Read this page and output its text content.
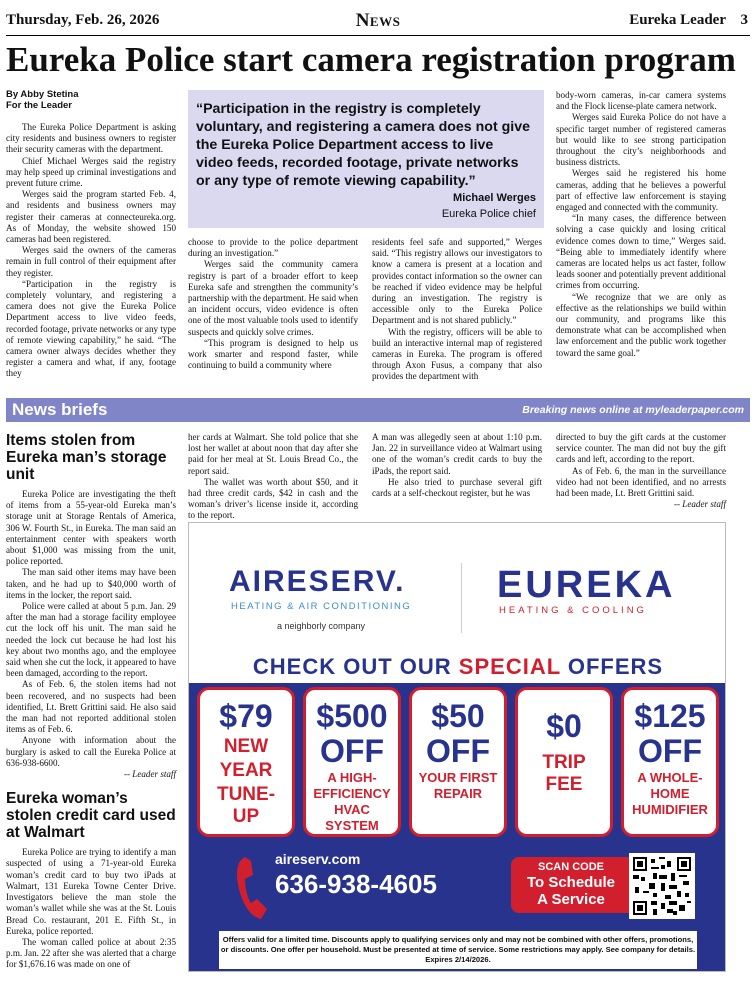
Thursday, Feb. 26, 2026	News	Eureka Leader 3
Eureka Police start camera registration program
By Abby Stetina
For the Leader

The Eureka Police Department is asking city residents and business owners to register their security cameras with the department.

Chief Michael Werges said the registry may help speed up criminal investigations and prevent future crime.

Werges said the program started Feb. 4, and residents and business owners may register their cameras at connecteureka.org. As of Monday, the website showed 150 cameras had been registered.

Werges said the owners of the cameras remain in full control of their equipment after they register.

“Participation in the registry is completely voluntary, and registering a camera does not give the Eureka Police Department access to live video feeds, recorded footage, private networks or any type of remote viewing capability,” he said. “The camera owner always decides whether they register a camera and what, if any, footage they

“Participation in the registry is completely voluntary, and registering a camera does not give the Eureka Police Department access to live video feeds, recorded footage, private networks or any type of remote viewing capability.”
Michael Werges
Eureka Police chief

choose to provide to the police department during an investigation.”

Werges said the community camera registry is part of a broader effort to keep Eureka safe and strengthen the community’s partnership with the department. He said when an incident occurs, video evidence is often one of the most valuable tools used to identify suspects and quickly solve crimes.

“This program is designed to help us work smarter and respond faster, while continuing to build a community where

residents feel safe and supported,” Werges said. “This registry allows our investigators to know a camera is present at a location and provides contact information so the owner can be reached if video evidence may be helpful during an investigation. The registry is accessible only to the Eureka Police Department and is not shared publicly.”

With the registry, officers will be able to build an interactive internal map of registered cameras in Eureka. The program is offered through Axon Fusus, a company that also provides the department with

body-worn cameras, in-car camera systems and the Flock license-plate camera network.

Werges said Eureka Police do not have a specific target number of registered cameras but would like to see strong participation throughout the city’s neighborhoods and business districts.

Werges said he registered his home cameras, adding that he believes a powerful part of effective law enforcement is staying engaged and connected with the community.

“In many cases, the difference between solving a case quickly and losing critical evidence comes down to time,” Werges said. “Being able to immediately identify where cameras are located helps us act faster, follow leads sooner and potentially prevent additional crimes from occurring.

“We recognize that we are only as effective as the relationships we build within our community, and programs like this demonstrate what can be accomplished when law enforcement and the public work together toward the same goal.”

News briefs	Breaking news online at myleaderpaper.com
Items stolen from Eureka man’s storage unit

Eureka Police are investigating the theft of items from a 55-year-old Eureka man’s storage unit at Storage Rentals of America, 306 W. Fourth St., in Eureka. The man said an entertainment center with speakers worth about $1,000 was missing from the unit, police reported.

The man said other items may have been taken, and he had up to $40,000 worth of items in the locker, the report said.

Police were called at about 5 p.m. Jan. 29 after the man had a storage facility employee cut the lock off his unit. The man said he needed the lock cut because he had lost his key about two months ago, and the employee said when she cut the lock, it appeared to have been damaged, according to the report.

As of Feb. 6, the stolen items had not been recovered, and no suspects had been identified, Lt. Brett Grittini said. He also said the man had not reported additional stolen items as of Feb. 6.

Anyone with information about the burglary is asked to call the Eureka Police at 636-938-6600.

-- Leader staff
Eureka woman’s stolen credit card used at Walmart

Eureka Police are trying to identify a man suspected of using a 71-year-old Eureka woman’s credit card to buy two iPads at Walmart, 131 Eureka Towne Center Drive. Investigators believe the man stole the woman’s wallet while she was at the St. Louis Bread Co. restaurant, 201 E. Fifth St., in Eureka, police reported.

The woman called police at about 2:35 p.m. Jan. 22 after she was alerted that a charge for $1,676.16 was made on one of

her cards at Walmart. She told police that she lost her wallet at about noon that day after she paid for her meal at St. Louis Bread Co., the report said.

The wallet was worth about $50, and it had three credit cards, $42 in cash and the woman’s driver’s license inside it, according to the report.

A man was allegedly seen at about 1:10 p.m. Jan. 22 in surveillance video at Walmart using one of the woman’s credit cards to buy the iPads, the report said.

He also tried to purchase several gift cards at a self-checkout register, but he was

directed to buy the gift cards at the customer service counter. The man did not buy the gift cards and left, according to the report.

As of Feb. 6, the man in the surveillance video had not been identified, and no arrests had been made, Lt. Brett Grittini said.

-- Leader staff
AIRESERV.
HEATING & AIR CONDITIONING
a neighborly company
EUREKA
HEATING & COOLING
CHECK OUT OUR SPECIAL OFFERS
$79
NEW
YEAR
TUNE-UP
$500
OFF
A HIGH-EFFICIENCY HVAC SYSTEM
$50
OFF
YOUR FIRST REPAIR
$0
TRIP FEE
$125
OFF
A WHOLE-HOME HUMIDIFIER
aireserv.com
636-938-4605
SCAN CODE
To Schedule
A Service
Offers valid for a limited time. Discounts apply to qualifying services only and may not be combined with other offers, promotions, or discounts. One offer per household. Must be presented at time of service. Some restrictions may apply. See company for details. Expires 2/14/2026.
